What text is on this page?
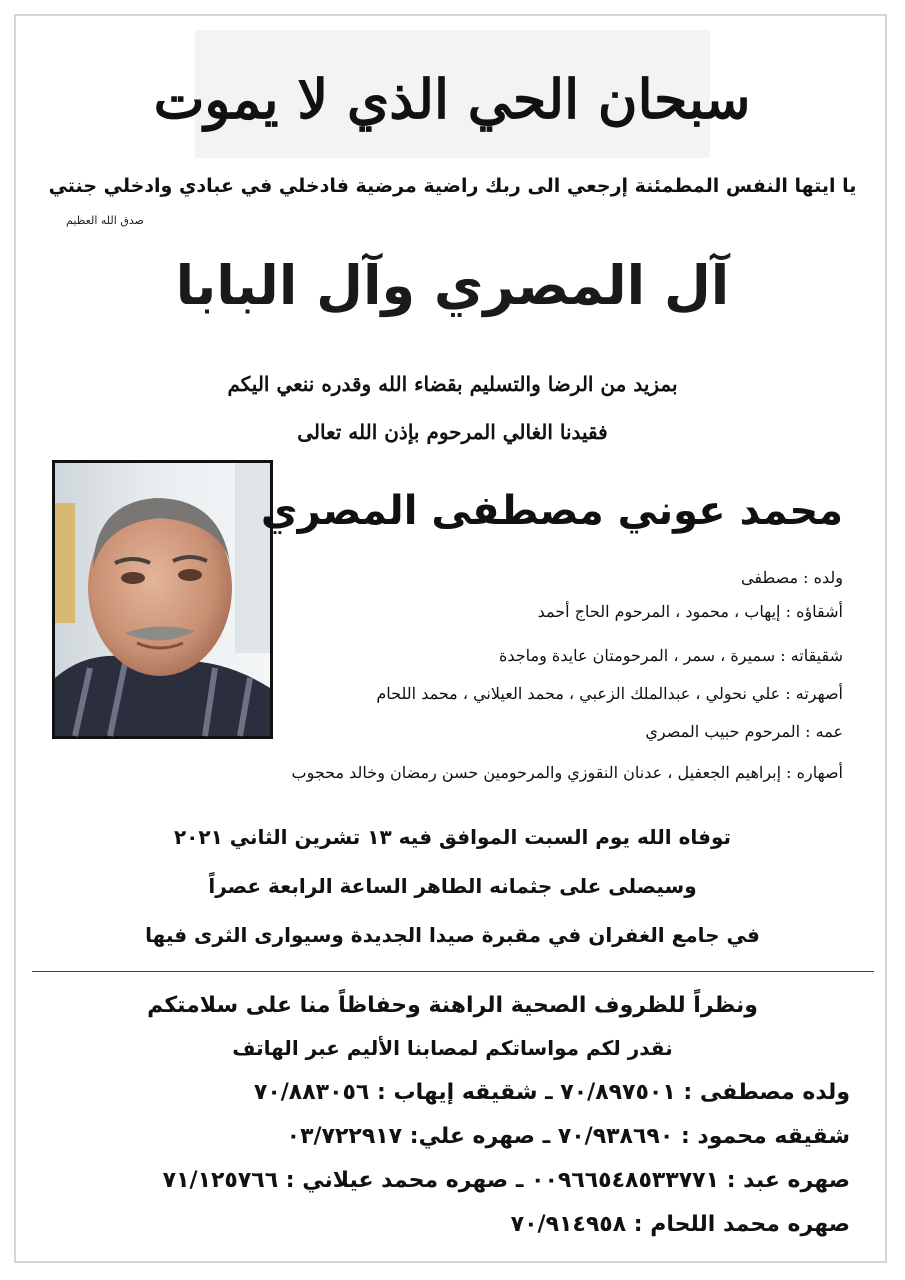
سبحان الحي الذي لا يموت
يا ايتها النفس المطمئنة إرجعي الى ربك راضية مرضية فادخلي في عبادي وادخلي جنتي
صدق الله العظيم
آل المصري وآل البابا
بمزيد من الرضا والتسليم بقضاء الله وقدره ننعي اليكم
فقيدنا الغالي المرحوم بإذن الله تعالى
محمد عوني مصطفى المصري
ولده : مصطفى
أشقاؤه : إيهاب ، محمود ، المرحوم الحاج أحمد
شقيقاته : سميرة ، سمر ، المرحومتان عايدة وماجدة
أصهرته : علي نحولي ، عبدالملك الزعبي ، محمد العيلاني ، محمد اللحام
عمه : المرحوم حبيب المصري
أصهاره : إبراهيم الجعفيل ، عدنان النقوزي والمرحومين حسن رمضان وخالد محجوب
توفاه الله يوم السبت الموافق فيه ١٣ تشرين الثاني ٢٠٢١
وسيصلى على جثمانه الطاهر الساعة الرابعة عصراً
في جامع الغفران في مقبرة صيدا الجديدة وسيوارى الثرى فيها
ونظراً للظروف الصحية الراهنة وحفاظاً منا على سلامتكم
نقدر لكم مواساتكم لمصابنا الأليم عبر الهاتف
ولده مصطفى : ٧٠/٨٩٧٥٠١ ـ شقيقه إيهاب : ٧٠/٨٨٣٠٥٦
شقيقه محمود : ٧٠/٩٣٨٦٩٠ ـ صهره علي: ٠٣/٧٢٢٩١٧
صهره عبد : ٠٠٩٦٦٥٤٨٥٣٣٧٧١ ـ صهره محمد عيلاني : ٧١/١٢٥٧٦٦
صهره محمد اللحام : ٧٠/٩١٤٩٥٨
